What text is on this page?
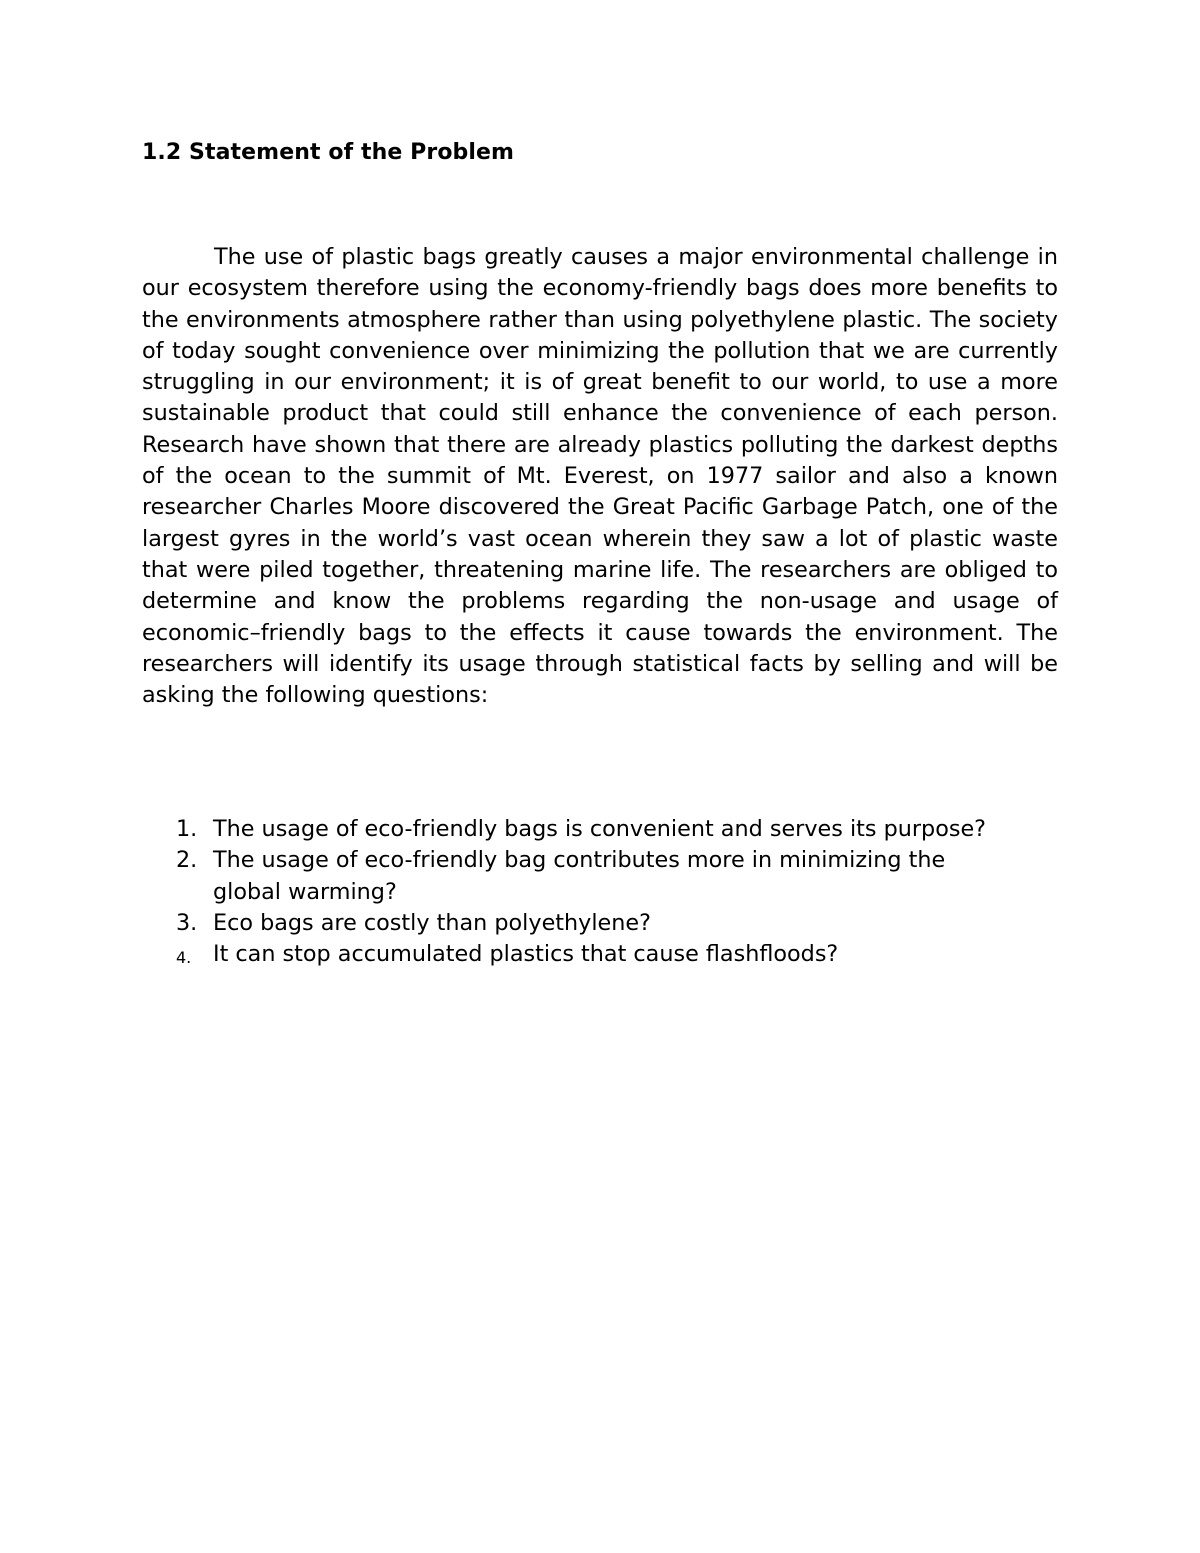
1.2 Statement of the Problem

The use of plastic bags greatly causes a major environmental challenge in our ecosystem therefore using the economy-friendly bags does more benefits to the environments atmosphere rather than using polyethylene plastic. The society of today sought convenience over minimizing the pollution that we are currently struggling in our environment; it is of great benefit to our world, to use a more sustainable product that could still enhance the convenience of each person. Research have shown that there are already plastics polluting the darkest depths of the ocean to the summit of Mt. Everest, on 1977 sailor and also a known researcher Charles Moore discovered the Great Pacific Garbage Patch, one of the largest gyres in the world’s vast ocean wherein they saw a lot of plastic waste that were piled together, threatening marine life. The researchers are obliged to determine and know the problems regarding the non-usage and usage of economic–friendly bags to the effects it cause towards the environment. The researchers will identify its usage through statistical facts by selling and will be asking the following questions:

1. The usage of eco-friendly bags is convenient and serves its purpose?
2. The usage of eco-friendly bag contributes more in minimizing the global warming?
3. Eco bags are costly than polyethylene?
4. It can stop accumulated plastics that cause flashfloods?
